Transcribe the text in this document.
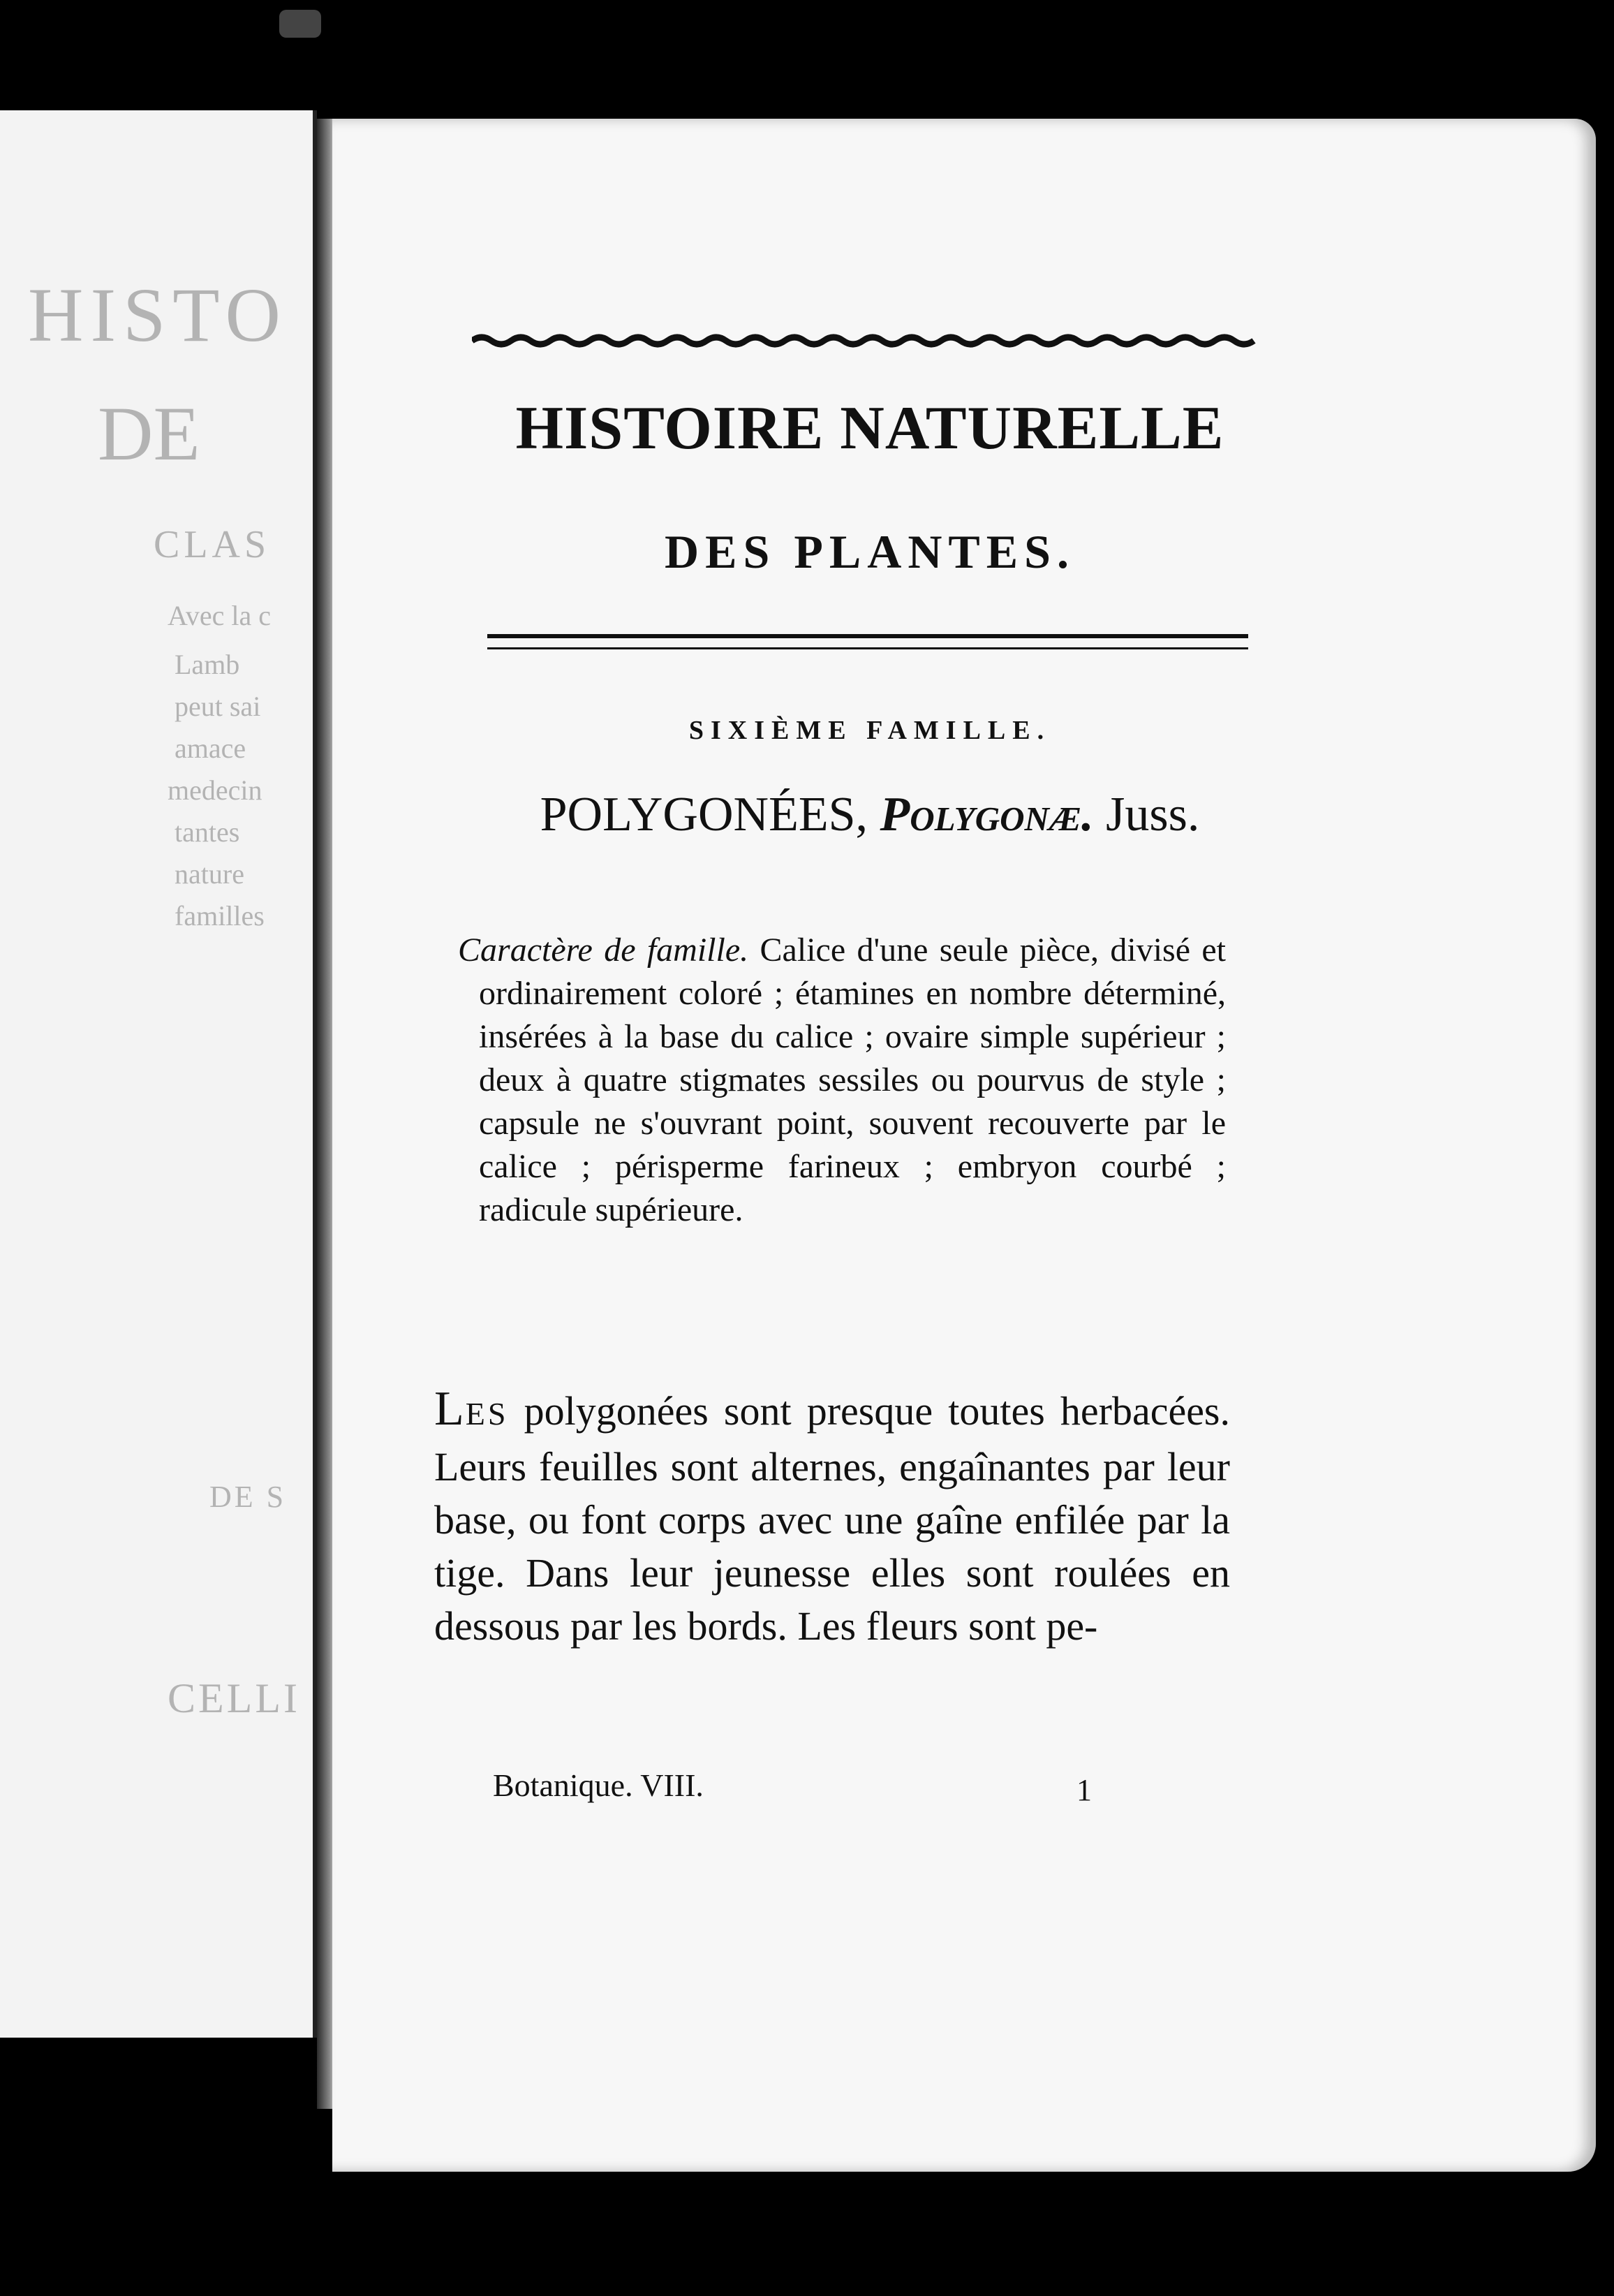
HISTO
DE
CLAS
Avec la c
Lamb
peut sai
amace
medecin
tantes
nature
familles
DE S
CELLI

HISTOIRE NATURELLE
DES PLANTES.
SIXIÈME FAMILLE.
POLYGONÉES, Polygonæ. Juss.

Caractère de famille. Calice d'une seule pièce, divisé et ordinairement coloré ; étamines en nombre déterminé, insérées à la base du calice ; ovaire simple supérieur ; deux à quatre stigmates sessiles ou pourvus de style ; capsule ne s'ouvrant point, souvent recouverte par le calice ; périsperme farineux ; embryon courbé ; radicule supérieure.

LES polygonées sont presque toutes herbacées. Leurs feuilles sont alternes, engaînantes par leur base, ou font corps avec une gaîne enfilée par la tige. Dans leur jeunesse elles sont roulées en dessous par les bords. Les fleurs sont pe-

Botanique. VIII.	1
